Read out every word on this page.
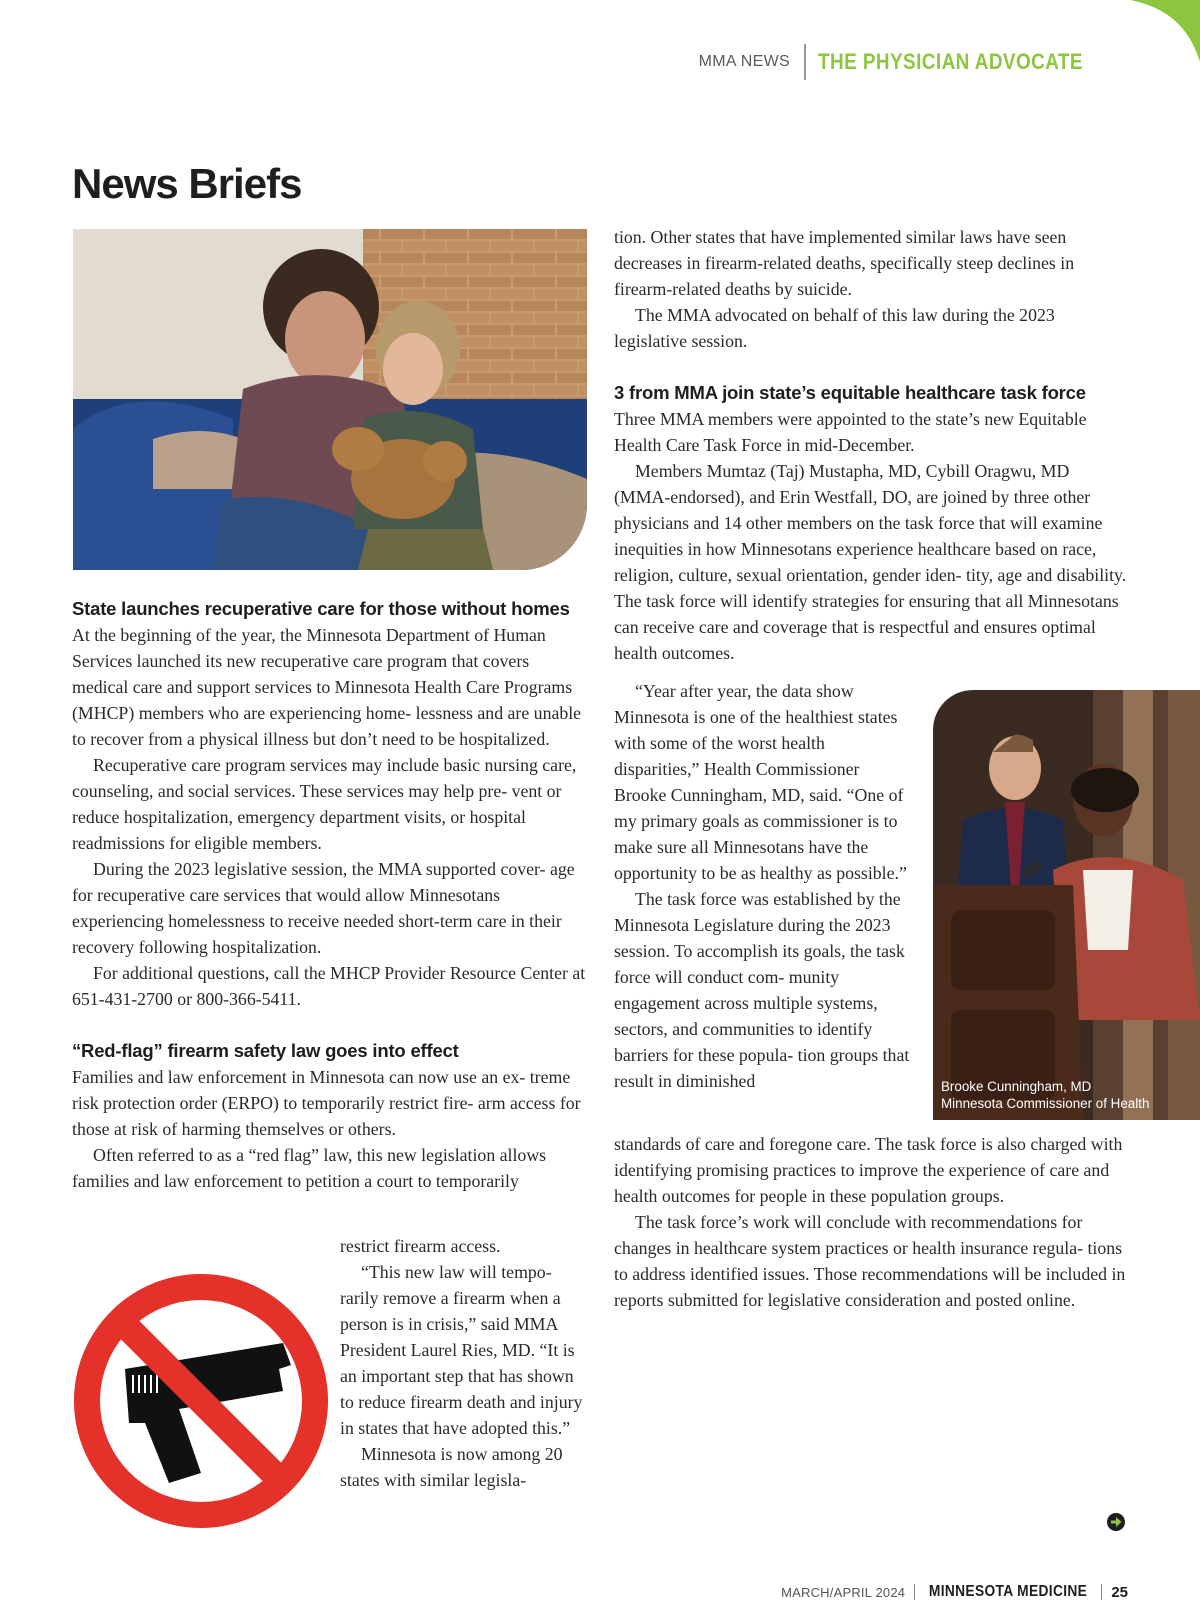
MMA NEWS	THE PHYSICIAN ADVOCATE
News Briefs
State launches recuperative care for those without homes

At the beginning of the year, the Minnesota Department of Human Services launched its new recuperative care program that covers medical care and support services to Minnesota Health Care Programs (MHCP) members who are experiencing home- lessness and are unable to recover from a physical illness but don’t need to be hospitalized.

Recuperative care program services may include basic nursing care, counseling, and social services. These services may help pre- vent or reduce hospitalization, emergency department visits, or hospital readmissions for eligible members.

During the 2023 legislative session, the MMA supported cover- age for recuperative care services that would allow Minnesotans experiencing homelessness to receive needed short-term care in their recovery following hospitalization.

For additional questions, call the MHCP Provider Resource Center at 651-431-2700 or 800-366-5411.

“Red-flag” firearm safety law goes into effect

Families and law enforcement in Minnesota can now use an ex- treme risk protection order (ERPO) to temporarily restrict fire- arm access for those at risk of harming themselves or others.

Often referred to as a “red flag” law, this new legislation allows families and law enforcement to petition a court to temporarily

restrict firearm access.

“This new law will tempo- rarily remove a firearm when a person is in crisis,” said MMA President Laurel Ries, MD. “It is an important step that has shown to reduce firearm death and injury in states that have adopted this.”

Minnesota is now among 20 states with similar legisla-

tion. Other states that have implemented similar laws have seen decreases in firearm-related deaths, specifically steep declines in firearm-related deaths by suicide.

The MMA advocated on behalf of this law during the 2023 legislative session.

3 from MMA join state’s equitable healthcare task force

Three MMA members were appointed to the state’s new Equitable Health Care Task Force in mid-December.

Members Mumtaz (Taj) Mustapha, MD, Cybill Oragwu, MD (MMA-endorsed), and Erin Westfall, DO, are joined by three other physicians and 14 other members on the task force that will examine inequities in how Minnesotans experience healthcare based on race, religion, culture, sexual orientation, gender iden- tity, age and disability. The task force will identify strategies for ensuring that all Minnesotans can receive care and coverage that is respectful and ensures optimal health outcomes.

“Year after year, the data show Minnesota is one of the healthiest states with some of the worst health disparities,” Health Commissioner Brooke Cunningham, MD, said. “One of my primary goals as commissioner is to make sure all Minnesotans have the opportunity to be as healthy as possible.”

The task force was established by the Minnesota Legislature during the 2023 session. To accomplish its goals, the task force will conduct com- munity engagement across multiple systems, sectors, and communities to identify barriers for these popula- tion groups that result in diminished	Brooke Cunningham, MD
Minnesota Commissioner of Health

standards of care and foregone care. The task force is also charged with identifying promising practices to improve the experience of care and health outcomes for people in these population groups.

The task force’s work will conclude with recommendations for changes in healthcare system practices or health insurance regula- tions to address identified issues. Those recommendations will be included in reports submitted for legislative consideration and posted online.

MARCH/APRIL 2024 MINNESOTA MEDICINE 25
